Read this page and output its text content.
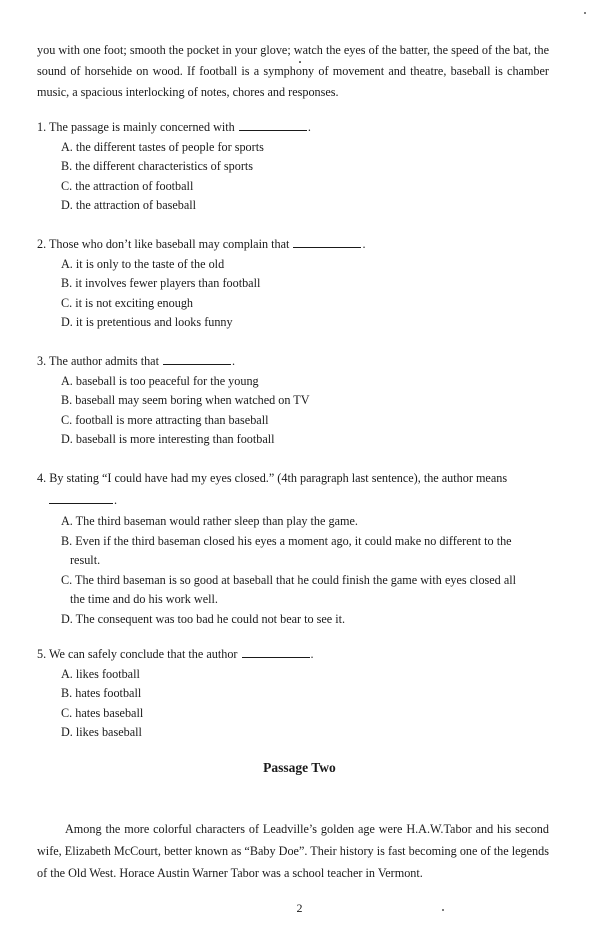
you with one foot; smooth the pocket in your glove; watch the eyes of the batter, the speed of the bat, the sound of horsehide on wood. If football is a symphony of movement and theatre, baseball is chamber music, a spacious interlocking of notes, chores and responses.

1. The passage is mainly concerned with	.

A. the different tastes of people for sports
B. the different characteristics of sports
C. the attraction of football
D. the attraction of baseball

2. Those who don’t like baseball may complain that	.

A. it is only to the taste of the old
B. it involves fewer players than football
C. it is not exciting enough
D. it is pretentious and looks funny

3. The author admits that	.

A. baseball is too peaceful for the young
B. baseball may seem boring when watched on TV
C. football is more attracting than baseball
D. baseball is more interesting than football

4. By stating “I could have had my eyes closed.” (4th paragraph last sentence), the author means

.

A. The third baseman would rather sleep than play the game.
B. Even if the third baseman closed his eyes a moment ago, it could make no different to the
result.
C. The third baseman is so good at baseball that he could finish the game with eyes closed all
the time and do his work well.
D. The consequent was too bad he could not bear to see it.

5. We can safely conclude that the author	.

A. likes football
B. hates football
C. hates baseball
D. likes baseball
Passage Two
Among the more colorful characters of Leadville’s golden age were H.A.W.Tabor and his second wife, Elizabeth McCourt, better known as “Baby Doe”. Their history is fast becoming one of the legends of the Old West. Horace Austin Warner Tabor was a school teacher in Vermont.
2
